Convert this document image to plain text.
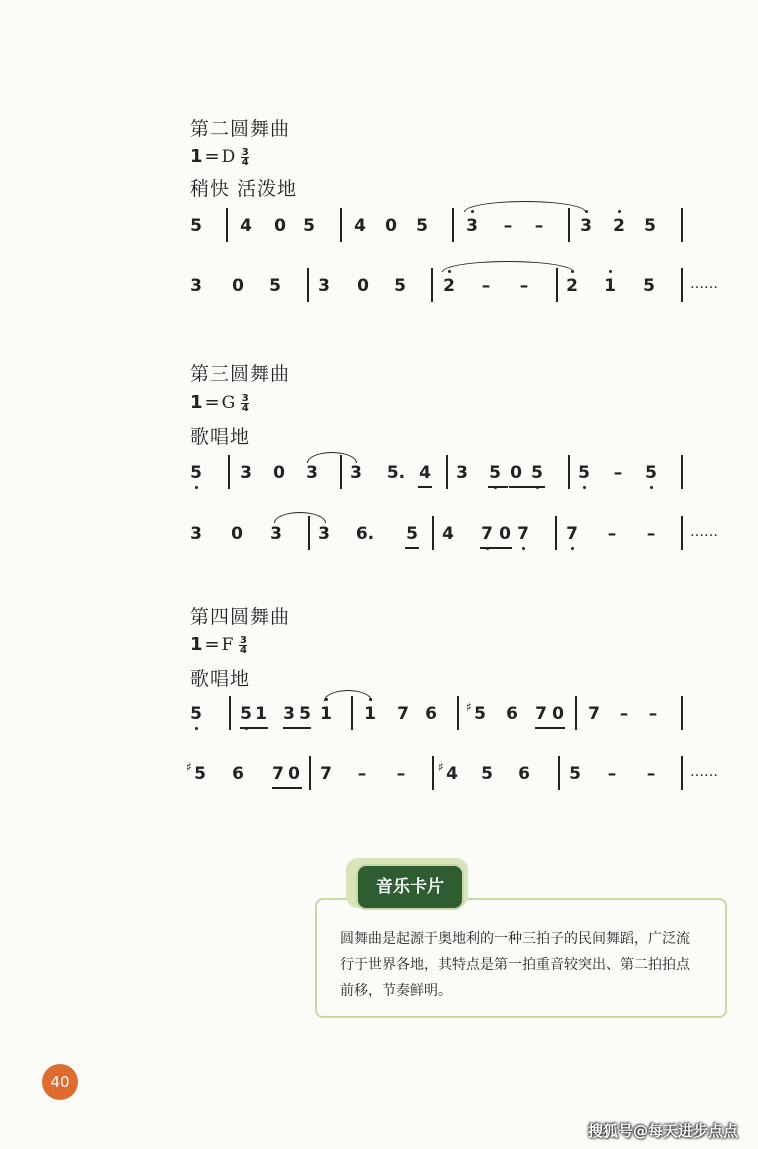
第二圆舞曲
1 = D $\frac{3}{4}$
稍快 活泼地
5 4 0 5 4 0 5 3 – – 3 2 5
3 0 5 3 0 5 2 – – 2 1 5	……
第三圆舞曲
1 = G $\frac{3}{4}$
歌唱地
5 3 0 3 3 5. 4 3 5 0 5 5 – 5
3 0 3 3 6. 5 4 7 0 7 7 – – ……
第四圆舞曲
1 = F $\frac{3}{4}$
歌唱地
5 5 1 3 5 1 1 7 6 ♯ 5 6 7 0 7 – –
♯ 5 6 7 0 7 – –	♯ 4 5 6 5 – – ……
音乐卡片
圆舞曲是起源于奥地利的一种三拍子的民间舞蹈，广泛流行于世界各地，其特点是第一拍重音较突出、第二拍拍点前移，节奏鲜明。
40
搜狐号@每天进步点点
